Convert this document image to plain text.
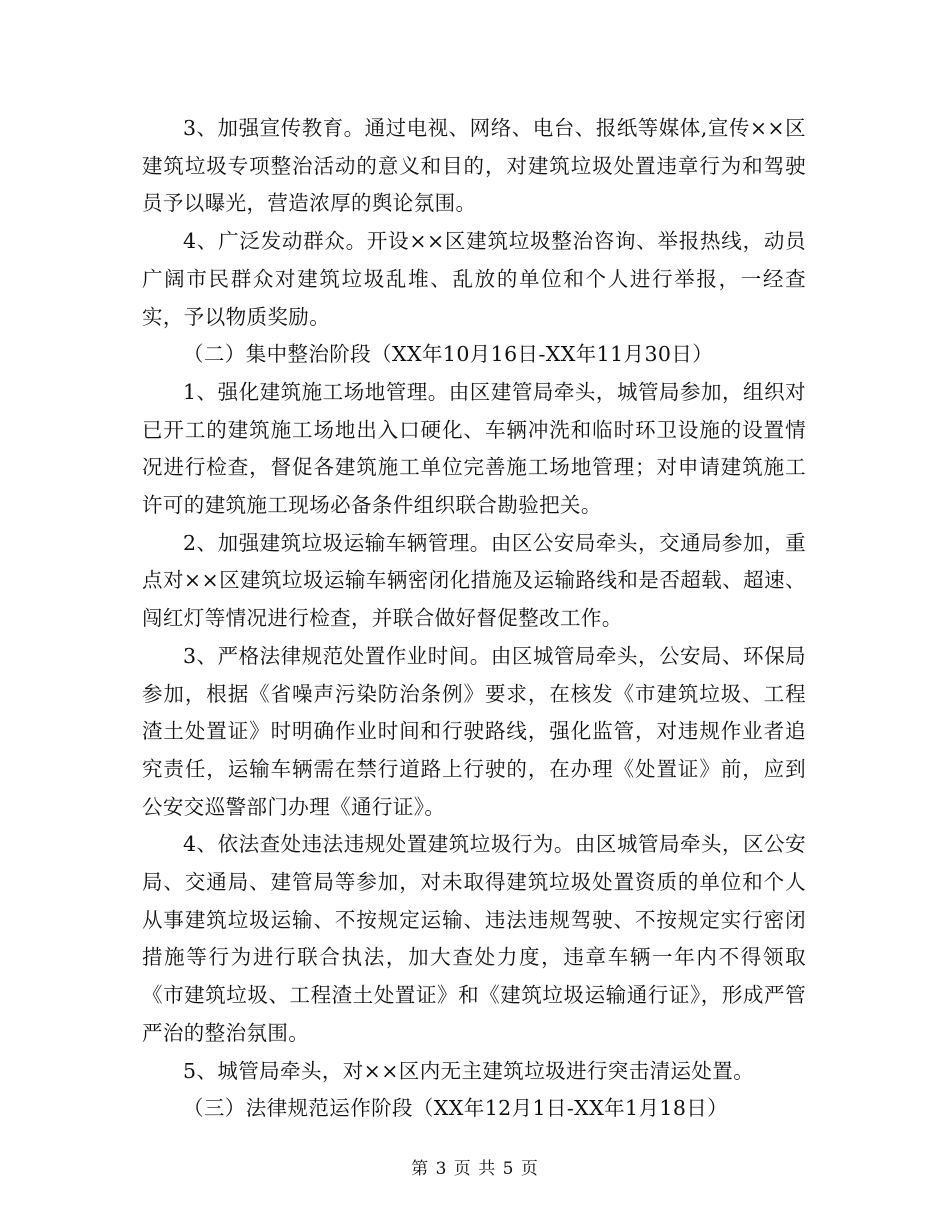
3、加强宣传教育。通过电视、网络、电台、报纸等媒体,宣传××区建筑垃圾专项整治活动的意义和目的，对建筑垃圾处置违章行为和驾驶员予以曝光，营造浓厚的舆论氛围。

4、广泛发动群众。开设××区建筑垃圾整治咨询、举报热线，动员广阔市民群众对建筑垃圾乱堆、乱放的单位和个人进行举报，一经查实，予以物质奖励。

（二）集中整治阶段（XX年10月16日-XX年11月30日）

1、强化建筑施工场地管理。由区建管局牵头，城管局参加，组织对已开工的建筑施工场地出入口硬化、车辆冲洗和临时环卫设施的设置情况进行检查，督促各建筑施工单位完善施工场地管理；对申请建筑施工许可的建筑施工现场必备条件组织联合勘验把关。

2、加强建筑垃圾运输车辆管理。由区公安局牵头，交通局参加，重点对××区建筑垃圾运输车辆密闭化措施及运输路线和是否超载、超速、闯红灯等情况进行检查，并联合做好督促整改工作。

3、严格法律规范处置作业时间。由区城管局牵头，公安局、环保局参加，根据《省噪声污染防治条例》要求，在核发《市建筑垃圾、工程渣土处置证》时明确作业时间和行驶路线，强化监管，对违规作业者追究责任，运输车辆需在禁行道路上行驶的，在办理《处置证》前，应到公安交巡警部门办理《通行证》。

4、依法查处违法违规处置建筑垃圾行为。由区城管局牵头，区公安局、交通局、建管局等参加，对未取得建筑垃圾处置资质的单位和个人从事建筑垃圾运输、不按规定运输、违法违规驾驶、不按规定实行密闭措施等行为进行联合执法，加大查处力度，违章车辆一年内不得领取《市建筑垃圾、工程渣土处置证》和《建筑垃圾运输通行证》，形成严管严治的整治氛围。

5、城管局牵头，对××区内无主建筑垃圾进行突击清运处置。

（三）法律规范运作阶段（XX年12月1日-XX年1月18日）

第 3 页 共 5 页
